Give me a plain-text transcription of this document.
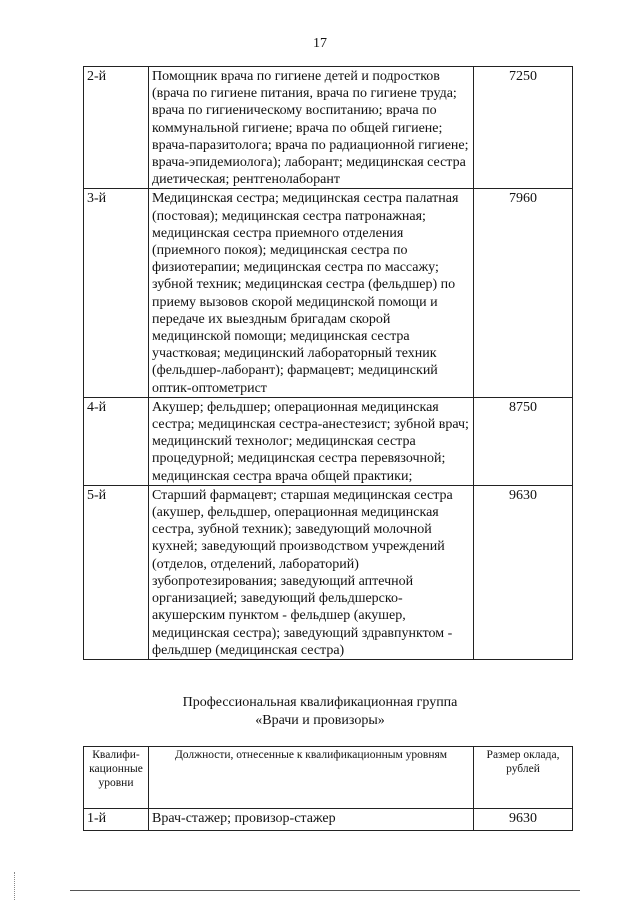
17
2-й	Помощник врача по гигиене детей и подростков (врача по гигиене питания, врача по гигиене труда; врача по гигиеническому воспитанию; врача по коммунальной гигиене; врача по общей гигиене; врача-паразитолога; врача по радиационной гигиене; врача-эпидемиолога); лаборант; медицинская сестра диетическая; рентгенолаборант	7250
3-й	Медицинская сестра; медицинская сестра палатная (постовая); медицинская сестра патронажная; медицинская сестра приемного отделения (приемного покоя); медицинская сестра по физиотерапии; медицинская сестра по массажу; зубной техник; медицинская сестра (фельдшер) по приему вызовов скорой медицинской помощи и передаче их выездным бригадам скорой медицинской помощи; медицинская сестра участковая; медицинский лабораторный техник (фельдшер-лаборант); фармацевт; медицинский оптик-оптометрист	7960
4-й	Акушер; фельдшер; операционная медицинская сестра; медицинская сестра-анестезист; зубной врач; медицинский технолог; медицинская сестра процедурной; медицинская сестра перевязочной; медицинская сестра врача общей практики;	8750
5-й	Старший фармацевт; старшая медицинская сестра (акушер, фельдшер, операционная медицинская сестра, зубной техник); заведующий молочной кухней; заведующий производством учреждений (отделов, отделений, лабораторий) зубопротезирования; заведующий аптечной организацией; заведующий фельдшерско-акушерским пунктом - фельдшер (акушер, медицинская сестра); заведующий здравпунктом - фельдшер (медицинская сестра)	9630
Профессиональная квалификационная группа
«Врачи и провизоры»
Квалифи-кационные уровни	Должности, отнесенные к квалификационным уровням	Размер оклада, рублей
1-й	Врач-стажер; провизор-стажер	9630
